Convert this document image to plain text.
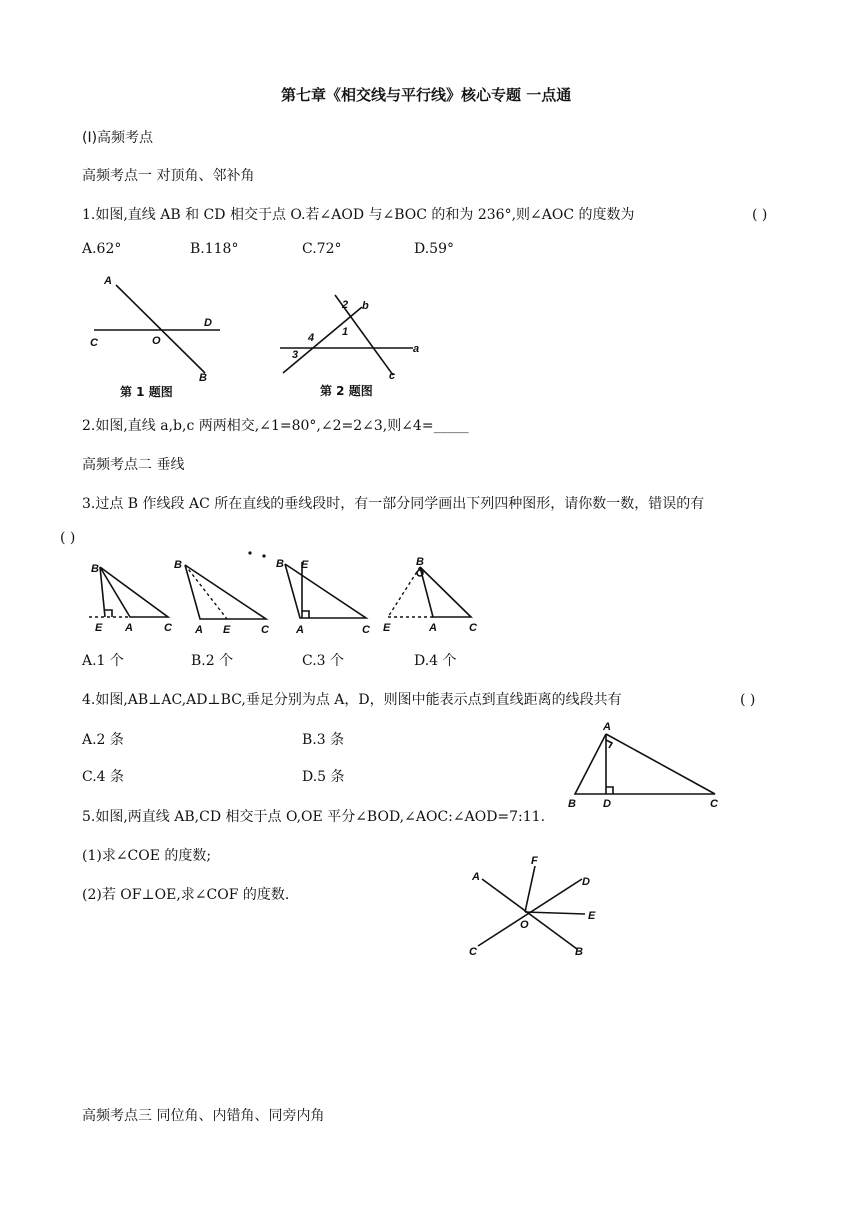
第七章《相交线与平行线》核心专题 一点通
(Ⅰ)高频考点
高频考点一 对顶角、邻补角
1.如图,直线 AB 和 CD 相交于点 O.若∠AOD 与∠BOC 的和为 236°,则∠AOC 的度数为	( )
A.62°	B.118°	C.72°	D.59°
A
D
C	O
B
第 1 题图
2 b
1
4
3	a
c
第 2 题图
2.如图,直线 a,b,c 两两相交,∠1=80°,∠2=2∠3,则∠4=_____
高频考点二 垂线
3.过点 B 作线段 AC 所在直线的垂线段时，有一部分同学画出下列四种图形，请你数一数，错误的有
( )
B
E A	C
B
A E	C
B E
A	C
B
E	A	C
A.1 个	B.2 个	C.3 个	D.4 个
4.如图,AB⊥AC,AD⊥BC,垂足分别为点 A，D，则图中能表示点到直线距离的线段共有	( )
A.2 条	B.3 条
C.4 条	D.5 条
A
B D	C
5.如图,两直线 AB,CD 相交于点 O,OE 平分∠BOD,∠AOC:∠AOD=7:11.
(1)求∠COE 的度数;
(2)若 OF⊥OE,求∠COF 的度数.
F
A	D
E
O
C	B
高频考点三 同位角、内错角、同旁内角
